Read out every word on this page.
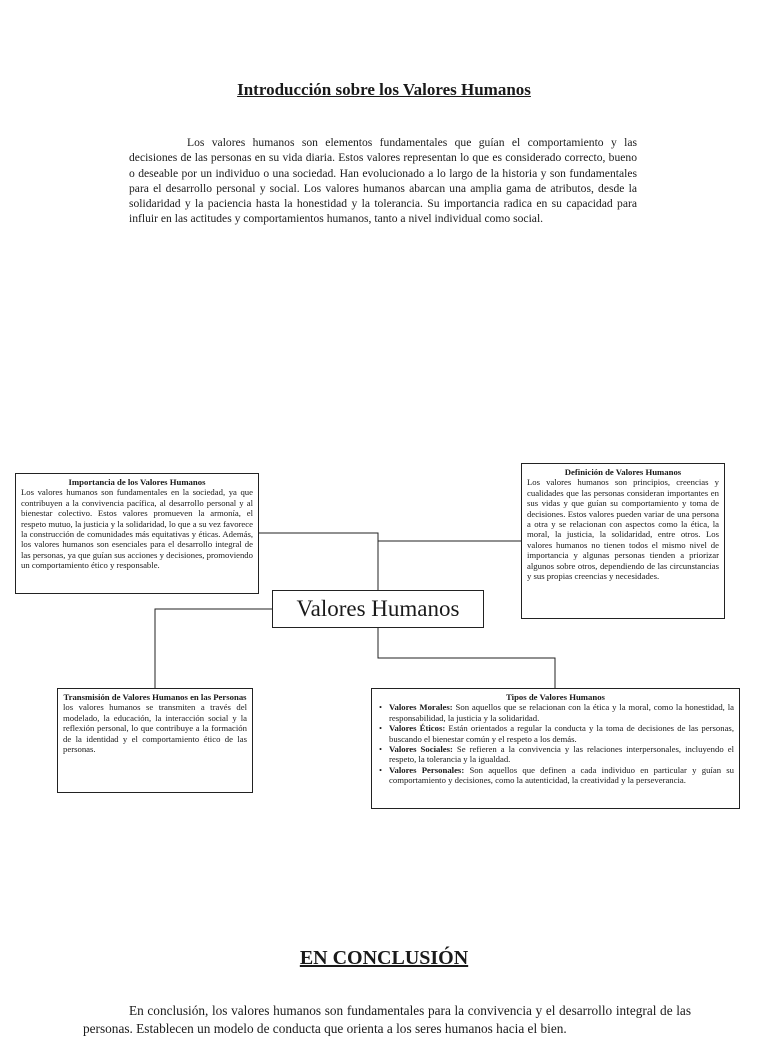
Introducción sobre los Valores Humanos

Los valores humanos son elementos fundamentales que guían el comportamiento y las decisiones de las personas en su vida diaria. Estos valores representan lo que es considerado correcto, bueno o deseable por un individuo o una sociedad. Han evolucionado a lo largo de la historia y son fundamentales para el desarrollo personal y social. Los valores humanos abarcan una amplia gama de atributos, desde la solidaridad y la paciencia hasta la honestidad y la tolerancia. Su importancia radica en su capacidad para influir en las actitudes y comportamientos humanos, tanto a nivel individual como social.

Importancia de los Valores Humanos
Los valores humanos son fundamentales en la sociedad, ya que contribuyen a la convivencia pacífica, al desarrollo personal y al bienestar colectivo. Estos valores promueven la armonía, el respeto mutuo, la justicia y la solidaridad, lo que a su vez favorece la construcción de comunidades más equitativas y éticas. Además, los valores humanos son esenciales para el desarrollo integral de las personas, ya que guían sus acciones y decisiones, promoviendo un comportamiento ético y responsable.
Definición de Valores Humanos
Los valores humanos son principios, creencias y cualidades que las personas consideran importantes en sus vidas y que guían su comportamiento y toma de decisiones. Estos valores pueden variar de una persona a otra y se relacionan con aspectos como la ética, la moral, la justicia, la solidaridad, entre otros. Los valores humanos no tienen todos el mismo nivel de importancia y algunas personas tienden a priorizar algunos sobre otros, dependiendo de las circunstancias y sus propias creencias y necesidades.
Valores Humanos
Transmisión de Valores Humanos en las Personas
los valores humanos se transmiten a través del modelado, la educación, la interacción social y la reflexión personal, lo que contribuye a la formación de la identidad y el comportamiento ético de las personas.
Tipos de Valores Humanos
• Valores Morales: Son aquellos que se relacionan con la ética y la moral, como la honestidad, la responsabilidad, la justicia y la solidaridad.
• Valores Éticos: Están orientados a regular la conducta y la toma de decisiones de las personas, buscando el bienestar común y el respeto a los demás.
• Valores Sociales: Se refieren a la convivencia y las relaciones interpersonales, incluyendo el respeto, la tolerancia y la igualdad.
• Valores Personales: Son aquellos que definen a cada individuo en particular y guían su comportamiento y decisiones, como la autenticidad, la creatividad y la perseverancia.
EN CONCLUSIÓN

En conclusión, los valores humanos son fundamentales para la convivencia y el desarrollo integral de las personas. Establecen un modelo de conducta que orienta a los seres humanos hacia el bien.
